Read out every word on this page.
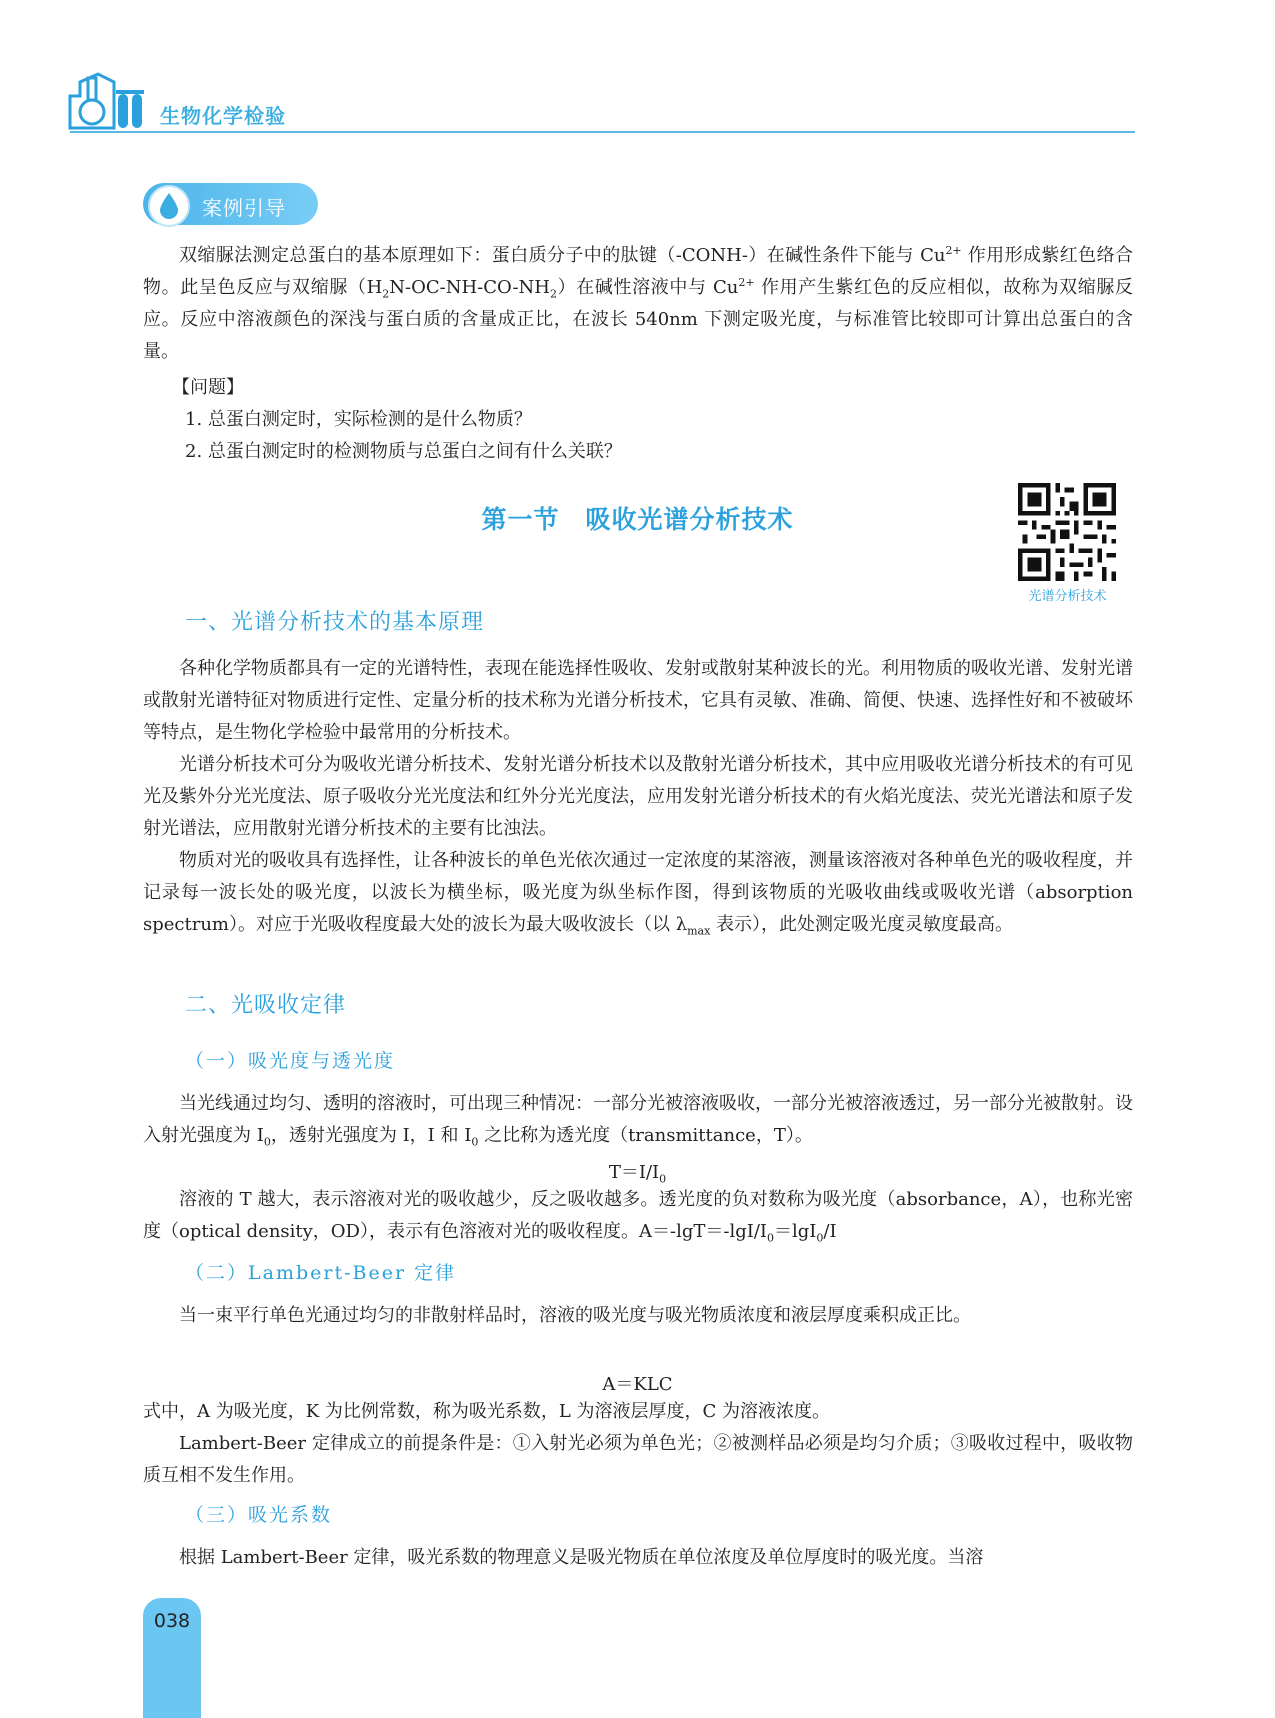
生物化学检验
案例引导
双缩脲法测定总蛋白的基本原理如下：蛋白质分子中的肽键（-CONH-）在碱性条件下能与 $Cu^{2+}$ 作用形成紫红色络合物。此呈色反应与双缩脲$(H_2N-OC-NH-CO-NH_2)$在碱性溶液中与 $Cu^{2+}$ 作用产生紫红色的反应相似，故称为双缩脲反应。反应中溶液颜色的深浅与蛋白质的含量成正比，在波长 540nm 下测定吸光度，与标准管比较即可计算出总蛋白的含量。
【问题】
1. 总蛋白测定时，实际检测的是什么物质？
2. 总蛋白测定时的检测物质与总蛋白之间有什么关联？
第一节　吸收光谱分析技术
光谱分析技术
一、光谱分析技术的基本原理
各种化学物质都具有一定的光谱特性，表现在能选择性吸收、发射或散射某种波长的光。利用物质的吸收光谱、发射光谱或散射光谱特征对物质进行定性、定量分析的技术称为光谱分析技术，它具有灵敏、准确、简便、快速、选择性好和不被破坏等特点，是生物化学检验中最常用的分析技术。
光谱分析技术可分为吸收光谱分析技术、发射光谱分析技术以及散射光谱分析技术，其中应用吸收光谱分析技术的有可见光及紫外分光光度法、原子吸收分光光度法和红外分光光度法，应用发射光谱分析技术的有火焰光度法、荧光光谱法和原子发射光谱法，应用散射光谱分析技术的主要有比浊法。
物质对光的吸收具有选择性，让各种波长的单色光依次通过一定浓度的某溶液，测量该溶液对各种单色光的吸收程度，并记录每一波长处的吸光度，以波长为横坐标，吸光度为纵坐标作图，得到该物质的光吸收曲线或吸收光谱（absorption spectrum）。对应于光吸收程度最大处的波长为最大吸收波长（以 $\lambda_{max}$ 表示），此处测定吸光度灵敏度最高。
二、光吸收定律
（一）吸光度与透光度
当光线通过均匀、透明的溶液时，可出现三种情况：一部分光被溶液吸收，一部分光被溶液透过，另一部分光被散射。设入射光强度为 $I_0$，透射光强度为 I，I 和 $I_0$ 之比称为透光度（transmittance，T）。
$T=I/I_0$
溶液的 T 越大，表示溶液对光的吸收越少，反之吸收越多。透光度的负对数称为吸光度（absorbance，A），也称光密度（optical density，OD），表示有色溶液对光的吸收程度。$A=-\lg T=-\lg I/I_0=\lg I_0/I$
（二）Lambert-Beer 定律
当一束平行单色光通过均匀的非散射样品时，溶液的吸光度与吸光物质浓度和液层厚度乘积成正比。
A＝KLC
式中，A 为吸光度，K 为比例常数，称为吸光系数，L 为溶液层厚度，C 为溶液浓度。
Lambert-Beer 定律成立的前提条件是：①入射光必须为单色光；②被测样品必须是均匀介质；③吸收过程中，吸收物质互相不发生作用。
（三）吸光系数
根据 Lambert-Beer 定律，吸光系数的物理意义是吸光物质在单位浓度及单位厚度时的吸光度。当溶
038
